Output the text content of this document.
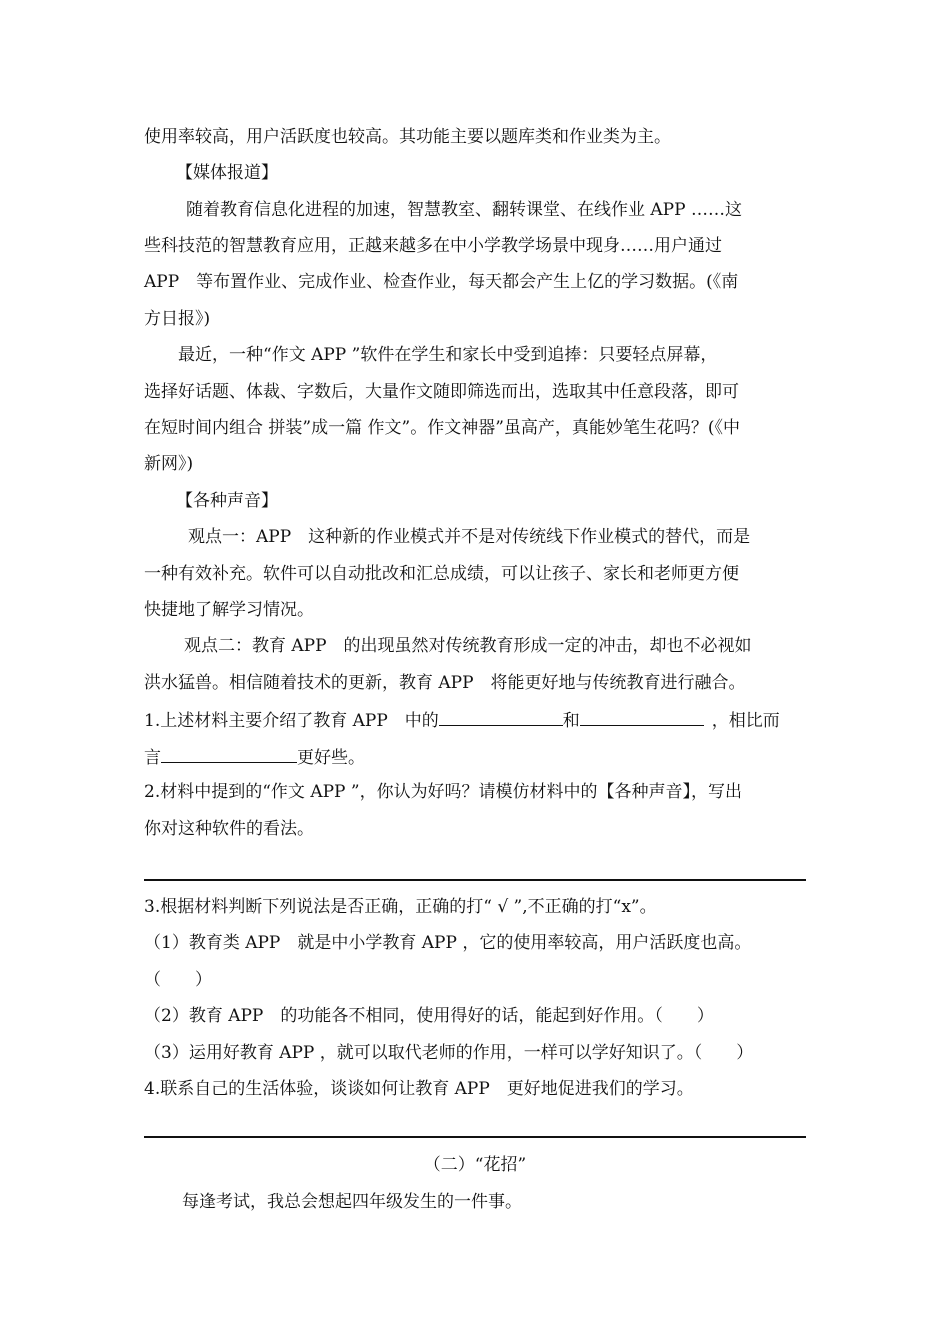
使用率较高，用户活跃度也较高。其功能主要以题库类和作业类为主。
【媒体报道】
随着教育信息化进程的加速，智慧教室、翻转课堂、在线作业 APP ……这
些科技范的智慧教育应用，正越来越多在中小学教学场景中现身……用户通过
APP　等布置作业、完成作业、检查作业，每天都会产生上亿的学习数据。(《南
方日报》)
最近，一种“作文 APP ”软件在学生和家长中受到追捧：只要轻点屏幕，
选择好话题、体裁、字数后，大量作文随即筛选而出，选取其中任意段落，即可
在短时间内组合 拼装”成一篇 作文”。作文神器”虽高产，真能妙笔生花吗？(《中
新网》)
【各种声音】
观点一：APP　这种新的作业模式并不是对传统线下作业模式的替代，而是
一种有效补充。软件可以自动批改和汇总成绩，可以让孩子、家长和老师更方便
快捷地了解学习情况。
观点二：教育 APP　的出现虽然对传统教育形成一定的冲击，却也不必视如
洪水猛兽。相信随着技术的更新，教育 APP　将能更好地与传统教育进行融合。
1.上述材料主要介绍了教育 APP　中的	和	，相比而
言	更好些。
2.材料中提到的“作文 APP ”，你认为好吗？请模仿材料中的【各种声音】，写出
你对这种软件的看法。
3.根据材料判断下列说法是否正确，正确的打“ √ ”,不正确的打“x”。
（1）教育类 APP　就是中小学教育 APP ，它的使用率较高，用户活跃度也高。
（　　）
（2）教育 APP　的功能各不相同，使用得好的话，能起到好作用。（　　）
（3）运用好教育 APP ，就可以取代老师的作用，一样可以学好知识了。（　　）
4.联系自己的生活体验，谈谈如何让教育 APP　更好地促进我们的学习。
（二）“花招”
每逢考试，我总会想起四年级发生的一件事。
